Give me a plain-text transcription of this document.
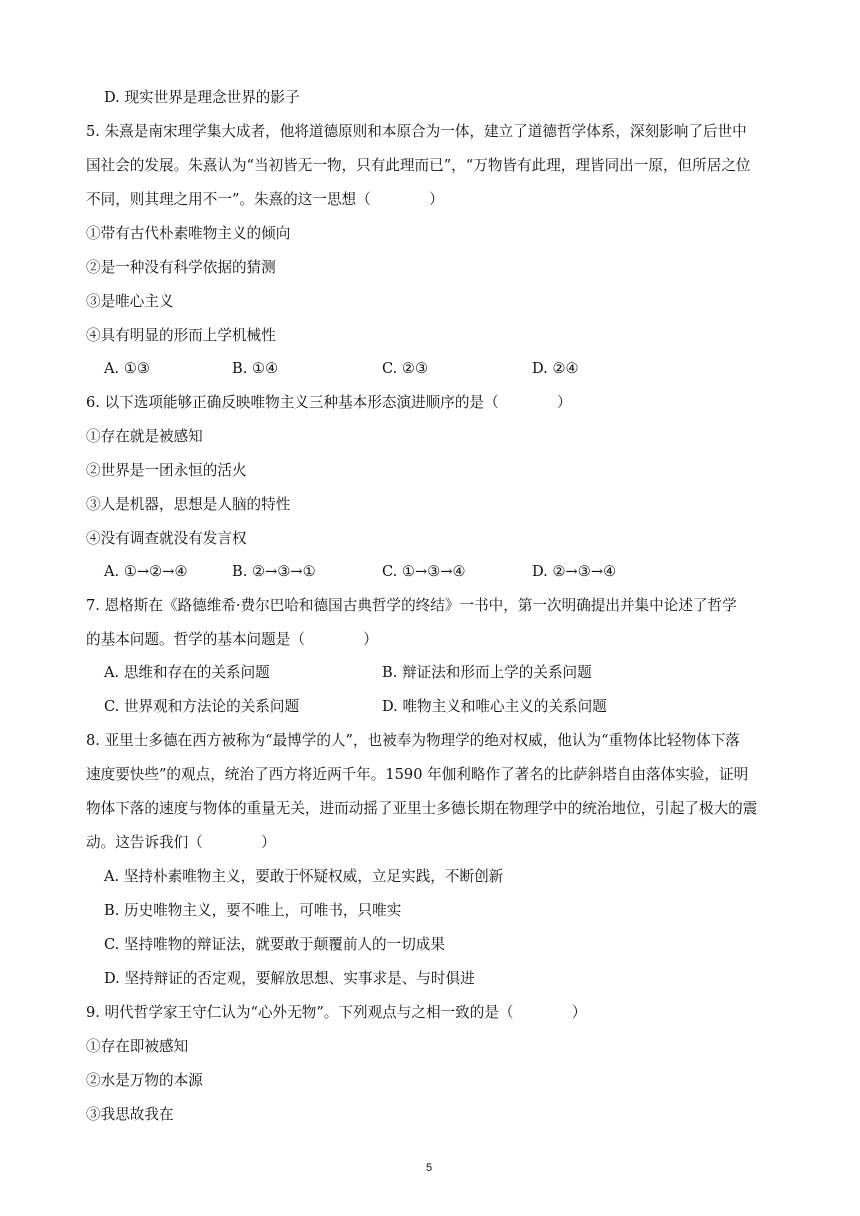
D. 现实世界是理念世界的影子
5. 朱熹是南宋理学集大成者，他将道德原则和本原合为一体，建立了道德哲学体系，深刻影响了后世中
国社会的发展。朱熹认为“当初皆无一物，只有此理而已”，“万物皆有此理，理皆同出一原，但所居之位
不同，则其理之用不一”。朱熹的这一思想（　　　　）
①带有古代朴素唯物主义的倾向
②是一种没有科学依据的猜测
③是唯心主义
④具有明显的形而上学机械性
A. ①③	B. ①④	C. ②③	D. ②④
6. 以下选项能够正确反映唯物主义三种基本形态演进顺序的是（　　　　）
①存在就是被感知
②世界是一团永恒的活火
③人是机器，思想是人脑的特性
④没有调查就没有发言权
A. ①→②→④	B. ②→③→①	C. ①→③→④	D. ②→③→④
7. 恩格斯在《路德维希·费尔巴哈和德国古典哲学的终结》一书中，第一次明确提出并集中论述了哲学
的基本问题。哲学的基本问题是（　　　　）
A. 思维和存在的关系问题	B. 辩证法和形而上学的关系问题
C. 世界观和方法论的关系问题	D. 唯物主义和唯心主义的关系问题
8. 亚里士多德在西方被称为“最博学的人”，也被奉为物理学的绝对权威，他认为“重物体比轻物体下落
速度要快些”的观点，统治了西方将近两千年。1590 年伽利略作了著名的比萨斜塔自由落体实验，证明
物体下落的速度与物体的重量无关，进而动摇了亚里士多德长期在物理学中的统治地位，引起了极大的震
动。这告诉我们（　　　　）
A. 坚持朴素唯物主义，要敢于怀疑权威，立足实践，不断创新
B. 历史唯物主义，要不唯上，可唯书，只唯实
C. 坚持唯物的辩证法，就要敢于颠覆前人的一切成果
D. 坚持辩证的否定观，要解放思想、实事求是、与时俱进
9. 明代哲学家王守仁认为“心外无物”。下列观点与之相一致的是（　　　　）
①存在即被感知
②水是万物的本源
③我思故我在
5
